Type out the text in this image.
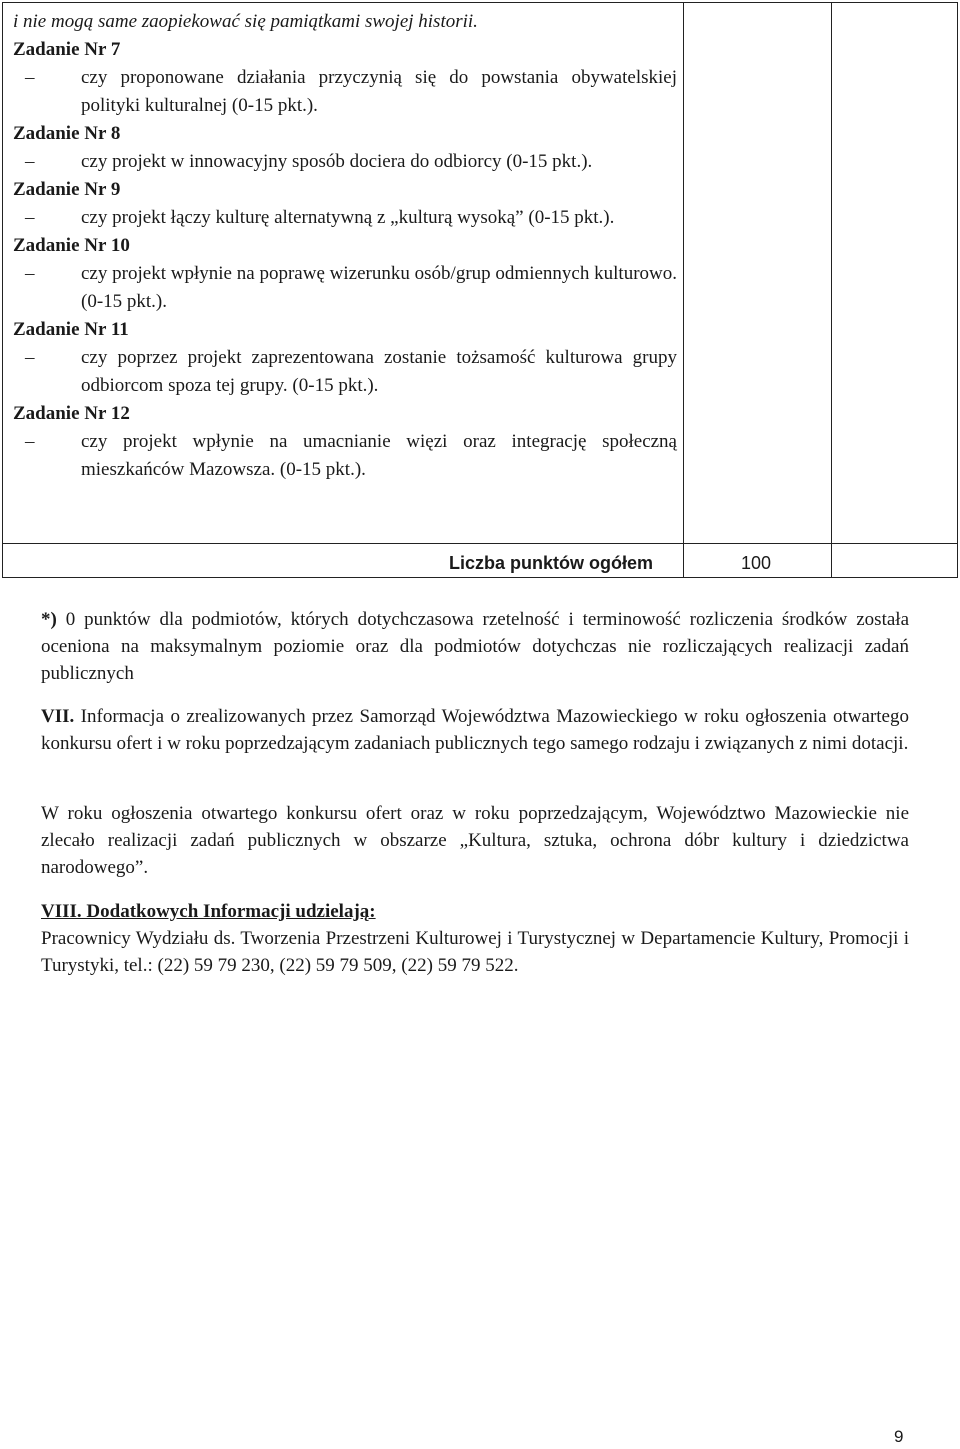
i nie mogą same zaopiekować się pamiątkami swojej historii.
Zadanie Nr 7
– czy proponowane działania przyczynią się do powstania obywatelskiej polityki kulturalnej (0-15 pkt.).
Zadanie Nr 8
– czy projekt w innowacyjny sposób dociera do odbiorcy (0-15 pkt.).
Zadanie Nr 9
– czy projekt łączy kulturę alternatywną z „kulturą wysoką” (0-15 pkt.).
Zadanie Nr 10
– czy projekt wpłynie na poprawę wizerunku osób/grup odmiennych kulturowo. (0-15 pkt.).
Zadanie Nr 11
– czy poprzez projekt zaprezentowana zostanie tożsamość kulturowa grupy odbiorcom spoza tej grupy. (0-15 pkt.).
Zadanie Nr 12
– czy projekt wpłynie na umacnianie więzi oraz integrację społeczną mieszkańców Mazowsza. (0-15 pkt.).
Liczba punktów ogółem	100
*) 0 punktów dla podmiotów, których dotychczasowa rzetelność i terminowość rozliczenia środków została oceniona na maksymalnym poziomie oraz dla podmiotów dotychczas nie rozliczających realizacji zadań publicznych
VII. Informacja o zrealizowanych przez Samorząd Województwa Mazowieckiego w roku ogłoszenia otwartego konkursu ofert i w roku poprzedzającym zadaniach publicznych tego samego rodzaju i związanych z nimi dotacji.
W roku ogłoszenia otwartego konkursu ofert oraz w roku poprzedzającym, Województwo Mazowieckie nie zlecało realizacji zadań publicznych w obszarze „Kultura, sztuka, ochrona dóbr kultury i dziedzictwa narodowego”.
VIII. Dodatkowych Informacji udzielają:
Pracownicy Wydziału ds. Tworzenia Przestrzeni Kulturowej i Turystycznej w Departamencie Kultury, Promocji i Turystyki, tel.: (22) 59 79 230, (22) 59 79 509, (22) 59 79 522.
9
